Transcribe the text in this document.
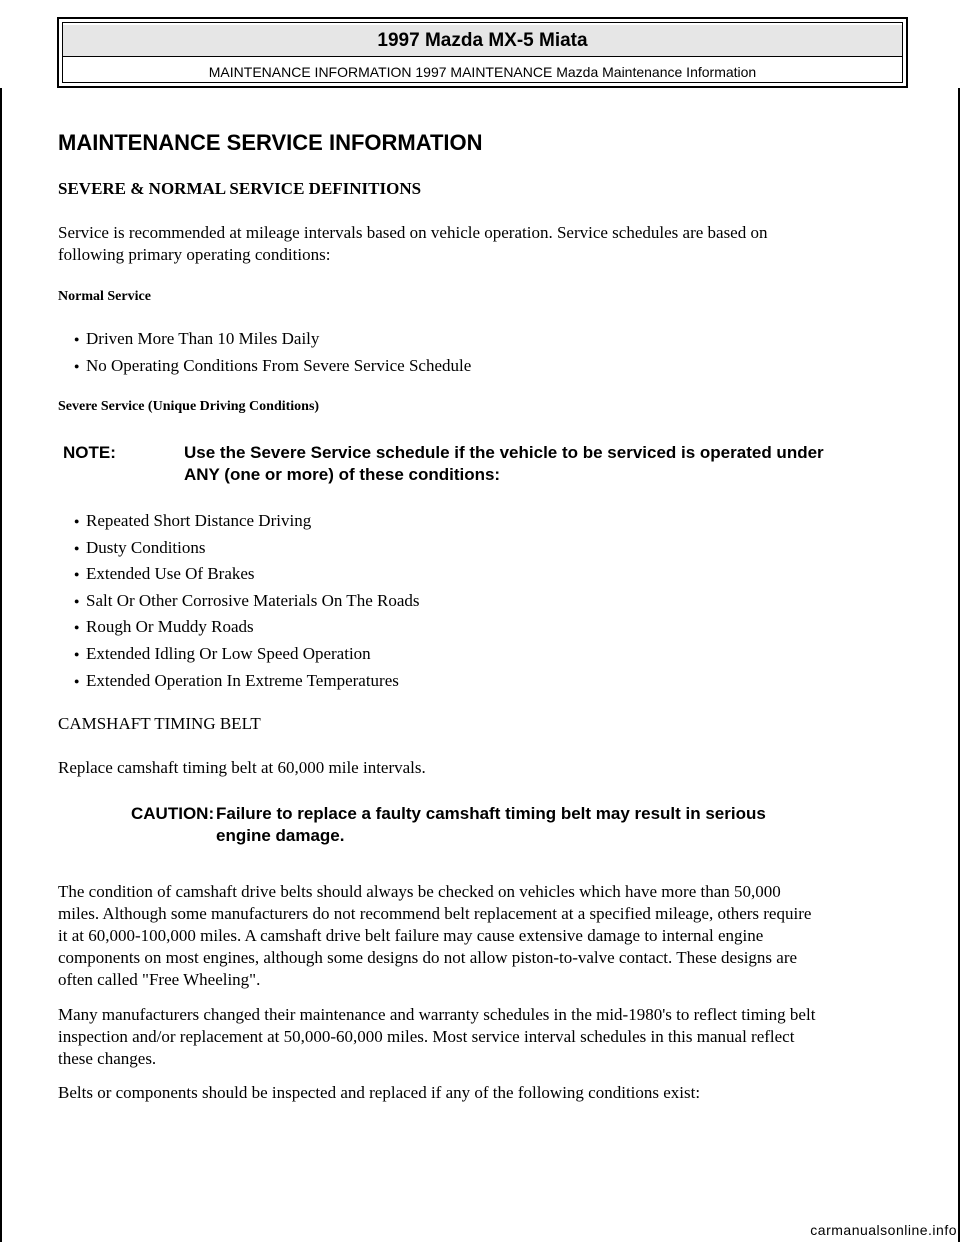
1997 Mazda MX-5 Miata
MAINTENANCE INFORMATION 1997 MAINTENANCE Mazda Maintenance Information
MAINTENANCE SERVICE INFORMATION
SEVERE & NORMAL SERVICE DEFINITIONS
Service is recommended at mileage intervals based on vehicle operation. Service schedules are based on
following primary operating conditions:
Normal Service
● Driven More Than 10 Miles Daily
● No Operating Conditions From Severe Service Schedule
Severe Service (Unique Driving Conditions)
NOTE:	Use the Severe Service schedule if the vehicle to be serviced is operated under
ANY (one or more) of these conditions:
● Repeated Short Distance Driving
● Dusty Conditions
● Extended Use Of Brakes
● Salt Or Other Corrosive Materials On The Roads
● Rough Or Muddy Roads
● Extended Idling Or Low Speed Operation
● Extended Operation In Extreme Temperatures
CAMSHAFT TIMING BELT
Replace camshaft timing belt at 60,000 mile intervals.
CAUTION: Failure to replace a faulty camshaft timing belt may result in serious
engine damage.
The condition of camshaft drive belts should always be checked on vehicles which have more than 50,000
miles. Although some manufacturers do not recommend belt replacement at a specified mileage, others require
it at 60,000-100,000 miles. A camshaft drive belt failure may cause extensive damage to internal engine
components on most engines, although some designs do not allow piston-to-valve contact. These designs are
often called "Free Wheeling".
Many manufacturers changed their maintenance and warranty schedules in the mid-1980's to reflect timing belt
inspection and/or replacement at 50,000-60,000 miles. Most service interval schedules in this manual reflect
these changes.
Belts or components should be inspected and replaced if any of the following conditions exist:
carmanualsonline.info
